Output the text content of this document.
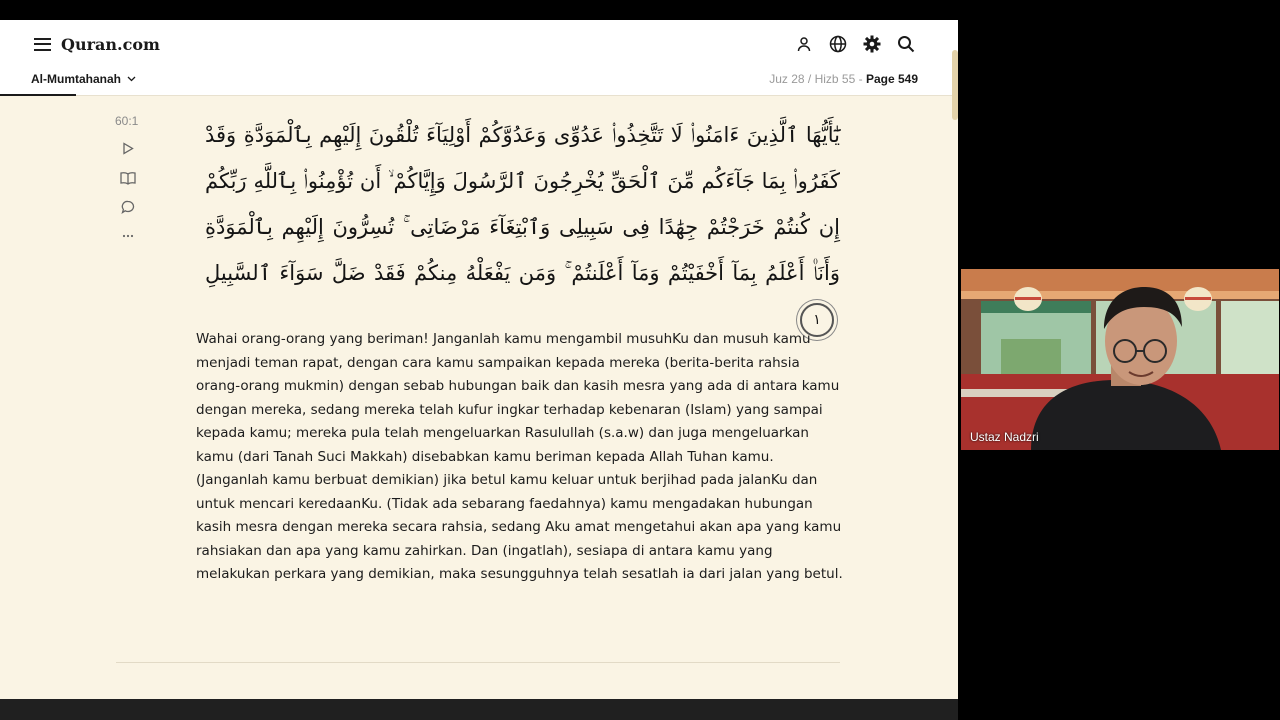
Quran.com
Al-Mumtahanah	Juz 28 / Hizb 55 - Page 549
60:1
يَٰٓأَيُّهَا ٱلَّذِينَ ءَامَنُوا۟ لَا تَتَّخِذُوا۟ عَدُوِّى وَعَدُوَّكُمْ أَوْلِيَآءَ تُلْقُونَ إِلَيْهِم بِٱلْمَوَدَّةِ وَقَدْ كَفَرُوا۟ بِمَا جَآءَكُم مِّنَ ٱلْحَقِّ يُخْرِجُونَ ٱلرَّسُولَ وَإِيَّاكُمْ ۙ أَن تُؤْمِنُوا۟ بِٱللَّهِ رَبِّكُمْ إِن كُنتُمْ خَرَجْتُمْ جِهَٰدًا فِى سَبِيلِى وَٱبْتِغَآءَ مَرْضَاتِى ۚ تُسِرُّونَ إِلَيْهِم بِٱلْمَوَدَّةِ وَأَنَا۠ أَعْلَمُ بِمَآ أَخْفَيْتُمْ وَمَآ أَعْلَنتُمْ ۚ وَمَن يَفْعَلْهُ مِنكُمْ فَقَدْ ضَلَّ سَوَآءَ ٱلسَّبِيلِ ١
Wahai orang-orang yang beriman! Janganlah kamu mengambil musuhKu dan musuh kamu menjadi teman rapat, dengan cara kamu sampaikan kepada mereka (berita-berita rahsia orang-orang mukmin) dengan sebab hubungan baik dan kasih mesra yang ada di antara kamu dengan mereka, sedang mereka telah kufur ingkar terhadap kebenaran (Islam) yang sampai kepada kamu; mereka pula telah mengeluarkan Rasulullah (s.a.w) dan juga mengeluarkan kamu (dari Tanah Suci Makkah) disebabkan kamu beriman kepada Allah Tuhan kamu. (Janganlah kamu berbuat demikian) jika betul kamu keluar untuk berjihad pada jalanKu dan untuk mencari keredaanKu. (Tidak ada sebarang faedahnya) kamu mengadakan hubungan kasih mesra dengan mereka secara rahsia, sedang Aku amat mengetahui akan apa yang kamu rahsiakan dan apa yang kamu zahirkan. Dan (ingatlah), sesiapa di antara kamu yang melakukan perkara yang demikian, maka sesungguhnya telah sesatlah ia dari jalan yang betul.
Ustaz Nadzri
